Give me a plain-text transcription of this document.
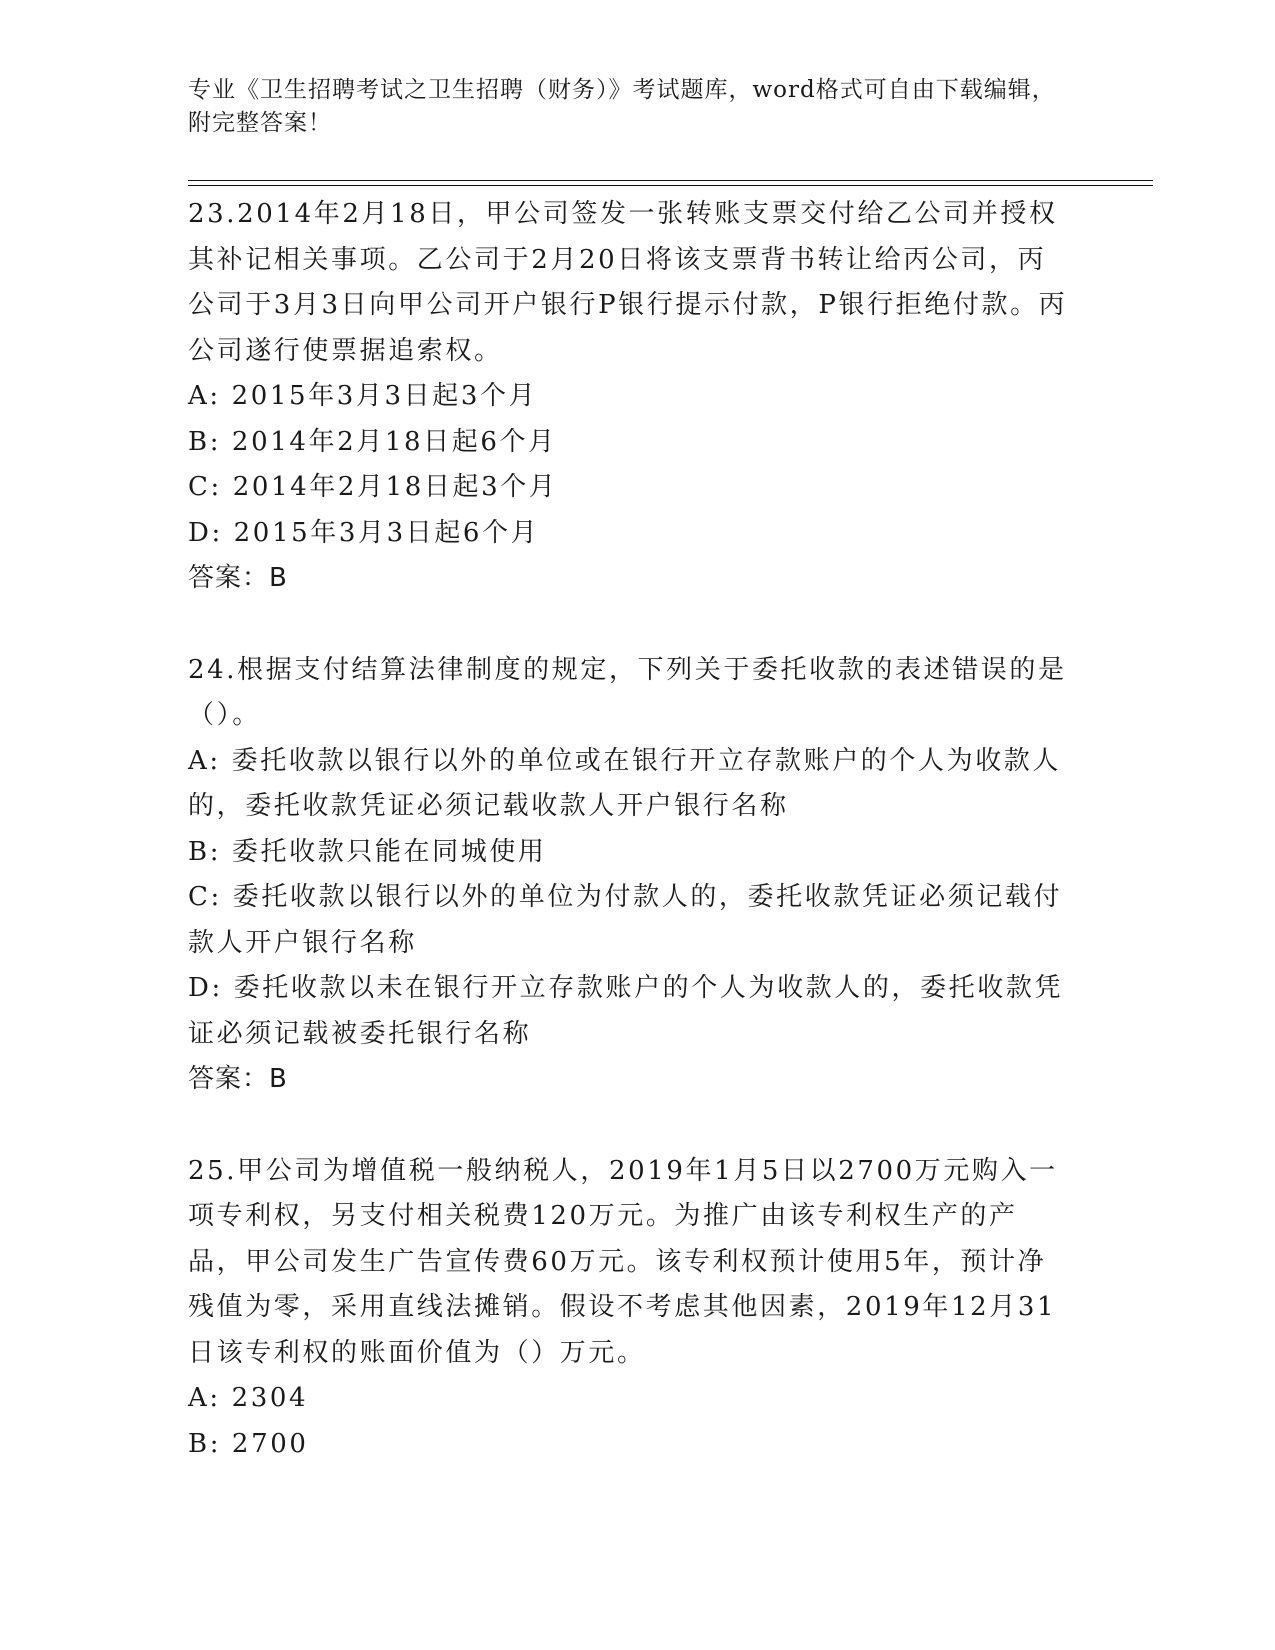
专业《卫生招聘考试之卫生招聘（财务）》考试题库，word格式可自由下载编辑，附完整答案！

23.2014年2月18日，甲公司签发一张转账支票交付给乙公司并授权其补记相关事项。乙公司于2月20日将该支票背书转让给丙公司，丙公司于3月3日向甲公司开户银行P银行提示付款，P银行拒绝付款。丙公司遂行使票据追索权。

A: 2015年3月3日起3个月

B: 2014年2月18日起6个月

C: 2014年2月18日起3个月

D: 2015年3月3日起6个月

答案：B

24.根据支付结算法律制度的规定，下列关于委托收款的表述错误的是（）。

A: 委托收款以银行以外的单位或在银行开立存款账户的个人为收款人的，委托收款凭证必须记载收款人开户银行名称

B: 委托收款只能在同城使用

C: 委托收款以银行以外的单位为付款人的，委托收款凭证必须记载付款人开户银行名称

D: 委托收款以未在银行开立存款账户的个人为收款人的，委托收款凭证必须记载被委托银行名称

答案：B

25.甲公司为增值税一般纳税人，2019年1月5日以2700万元购入一项专利权，另支付相关税费120万元。为推广由该专利权生产的产品，甲公司发生广告宣传费60万元。该专利权预计使用5年，预计净残值为零，采用直线法摊销。假设不考虑其他因素，2019年12月31日该专利权的账面价值为（）万元。

A: 2304

B: 2700
